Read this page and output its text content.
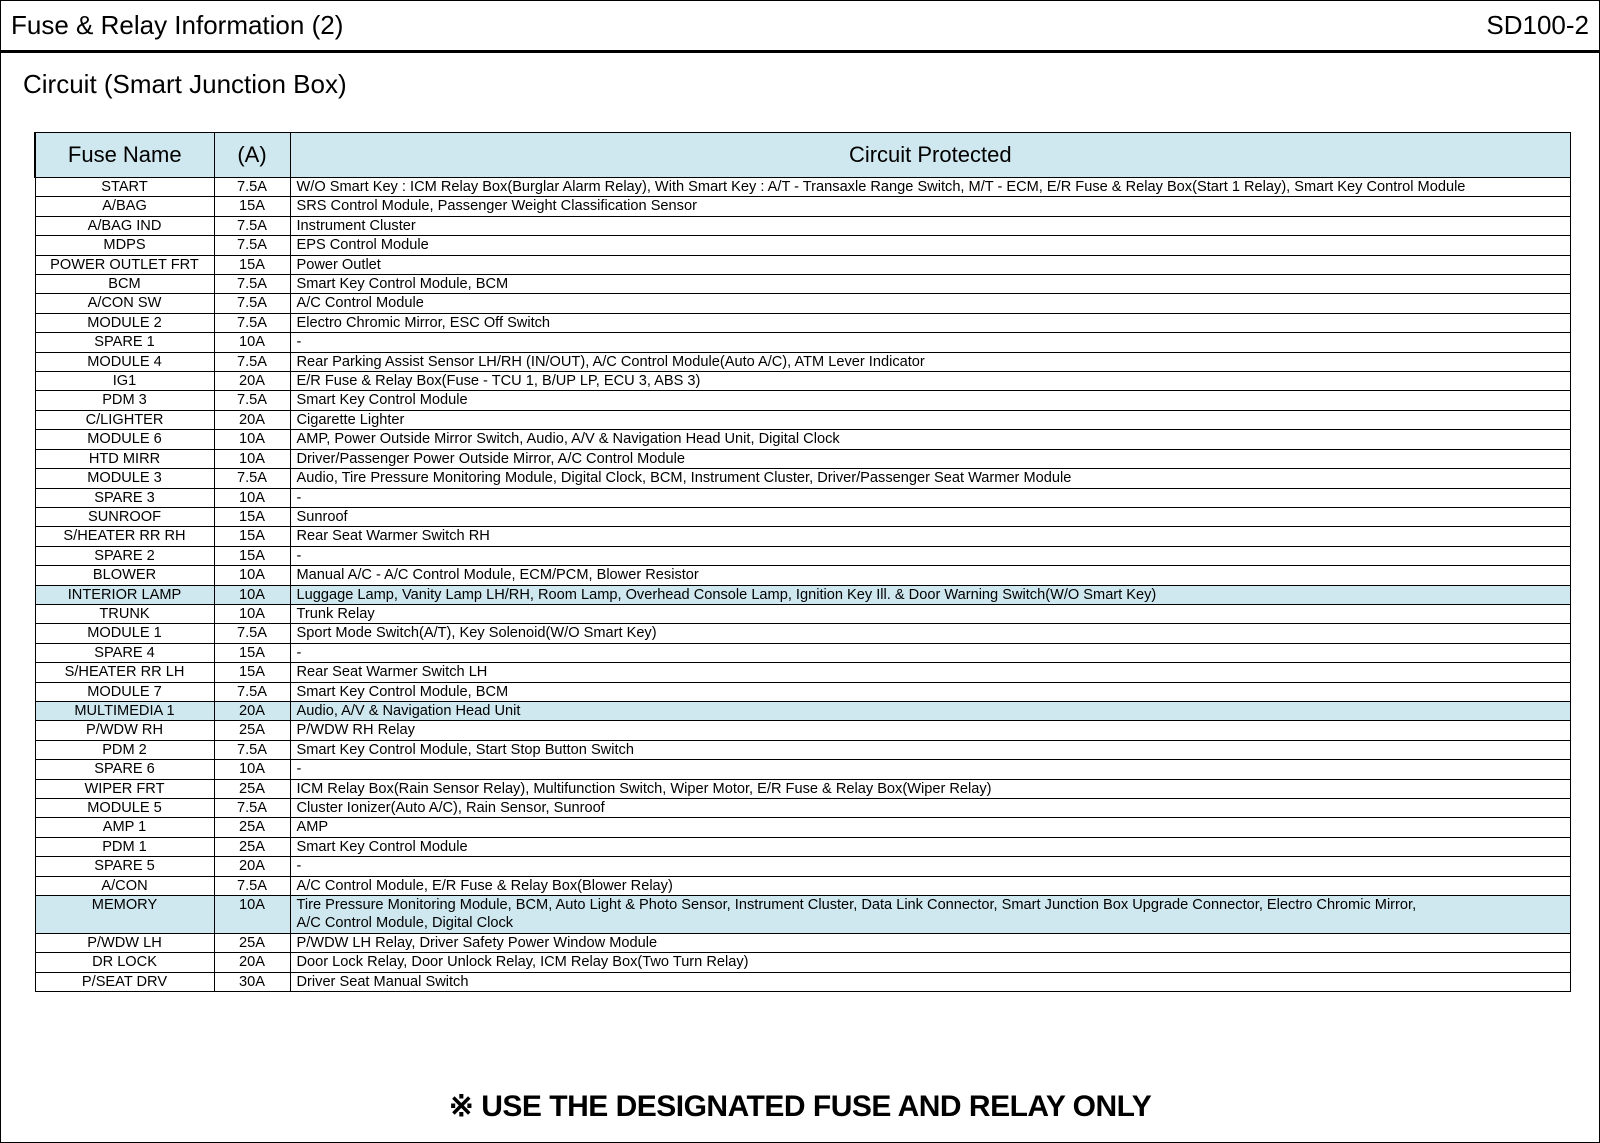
Fuse & Relay Information (2)	SD100-2
Circuit (Smart Junction Box)
Fuse Name	(A)	Circuit Protected
START	7.5A	W/O Smart Key : ICM Relay Box(Burglar Alarm Relay), With Smart Key : A/T - Transaxle Range Switch, M/T - ECM, E/R Fuse & Relay Box(Start 1 Relay), Smart Key Control Module

A/BAG	15A	SRS Control Module, Passenger Weight Classification Sensor

A/BAG IND	7.5A	Instrument Cluster

MDPS	7.5A	EPS Control Module

POWER OUTLET FRT	15A	Power Outlet

BCM	7.5A	Smart Key Control Module, BCM

A/CON SW	7.5A	A/C Control Module

MODULE 2	7.5A	Electro Chromic Mirror, ESC Off Switch

SPARE 1	10A	-

MODULE 4	7.5A	Rear Parking Assist Sensor LH/RH (IN/OUT), A/C Control Module(Auto A/C), ATM Lever Indicator

IG1	20A	E/R Fuse & Relay Box(Fuse - TCU 1, B/UP LP, ECU 3, ABS 3)

PDM 3	7.5A	Smart Key Control Module

C/LIGHTER	20A	Cigarette Lighter

MODULE 6	10A	AMP, Power Outside Mirror Switch, Audio, A/V & Navigation Head Unit, Digital Clock

HTD MIRR	10A	Driver/Passenger Power Outside Mirror, A/C Control Module

MODULE 3	7.5A	Audio, Tire Pressure Monitoring Module, Digital Clock, BCM, Instrument Cluster, Driver/Passenger Seat Warmer Module

SPARE 3	10A	-

SUNROOF	15A	Sunroof

S/HEATER RR RH	15A	Rear Seat Warmer Switch RH

SPARE 2	15A	-

BLOWER	10A	Manual A/C - A/C Control Module, ECM/PCM, Blower Resistor

INTERIOR LAMP	10A	Luggage Lamp, Vanity Lamp LH/RH, Room Lamp, Overhead Console Lamp, Ignition Key Ill. & Door Warning Switch(W/O Smart Key)

TRUNK	10A	Trunk Relay

MODULE 1	7.5A	Sport Mode Switch(A/T), Key Solenoid(W/O Smart Key)

SPARE 4	15A	-

S/HEATER RR LH	15A	Rear Seat Warmer Switch LH

MODULE 7	7.5A	Smart Key Control Module, BCM

MULTIMEDIA 1	20A	Audio, A/V & Navigation Head Unit

P/WDW RH	25A	P/WDW RH Relay

PDM 2	7.5A	Smart Key Control Module, Start Stop Button Switch

SPARE 6	10A	-

WIPER FRT	25A	ICM Relay Box(Rain Sensor Relay), Multifunction Switch, Wiper Motor, E/R Fuse & Relay Box(Wiper Relay)

MODULE 5	7.5A	Cluster Ionizer(Auto A/C), Rain Sensor, Sunroof

AMP 1	25A	AMP

PDM 1	25A	Smart Key Control Module

SPARE 5	20A	-

A/CON	7.5A	A/C Control Module, E/R Fuse & Relay Box(Blower Relay)

MEMORY	10A	Tire Pressure Monitoring Module, BCM, Auto Light & Photo Sensor, Instrument Cluster, Data Link Connector, Smart Junction Box Upgrade Connector, Electro Chromic Mirror,
A/C Control Module, Digital Clock

P/WDW LH	25A	P/WDW LH Relay, Driver Safety Power Window Module

DR LOCK	20A	Door Lock Relay, Door Unlock Relay, ICM Relay Box(Two Turn Relay)

P/SEAT DRV	30A	Driver Seat Manual Switch
※ USE THE DESIGNATED FUSE AND RELAY ONLY
